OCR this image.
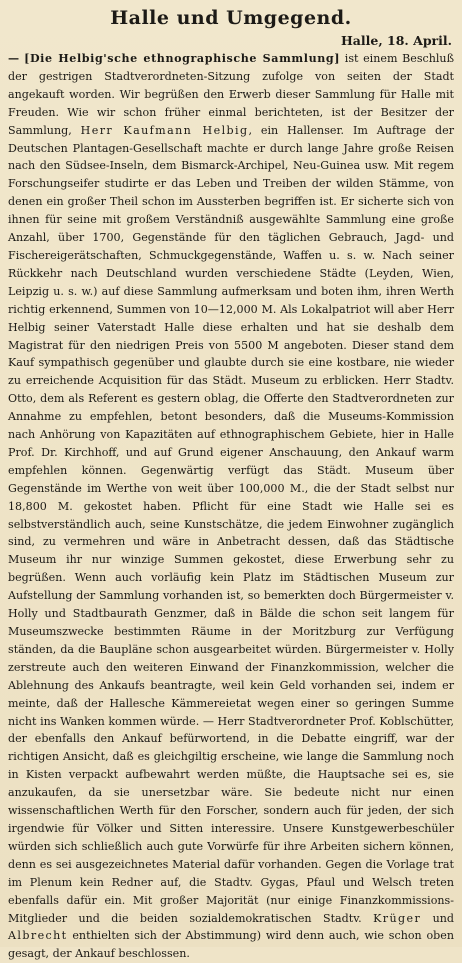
Halle und Umgegend.
Halle, 18. April.
— [Die Helbig'sche ethnographische Sammlung] ist einem Beschluß der gestrigen Stadtverordneten-Sitzung zufolge von seiten der Stadt angekauft worden. Wir begrüßen den Erwerb dieser Sammlung für Halle mit Freuden. Wie wir schon früher einmal berichteten, ist der Besitzer der Sammlung, Herr Kaufmann Helbig, ein Hallenser. Im Auftrage der Deutschen Plantagen-Gesellschaft machte er durch lange Jahre große Reisen nach den Südsee-Inseln, dem Bismarck-Archipel, Neu-Guinea usw. Mit regem Forschungseifer studirte er das Leben und Treiben der wilden Stämme, von denen ein großer Theil schon im Aussterben begriffen ist. Er sicherte sich von ihnen für seine mit großem Verständniß ausgewählte Sammlung eine große Anzahl, über 1700, Gegenstände für den täglichen Gebrauch, Jagd- und Fischereigerätschaften, Schmuckgegenstände, Waffen u. s. w. Nach seiner Rückkehr nach Deutschland wurden verschiedene Städte (Leyden, Wien, Leipzig u. s. w.) auf diese Sammlung aufmerksam und boten ihm, ihren Werth richtig erkennend, Summen von 10—12,000 M. Als Lokalpatriot will aber Herr Helbig seiner Vaterstadt Halle diese erhalten und hat sie deshalb dem Magistrat für den niedrigen Preis von 5500 M angeboten. Dieser stand dem Kauf sympathisch gegenüber und glaubte durch sie eine kostbare, nie wieder zu erreichende Acquisition für das Städt. Museum zu erblicken. Herr Stadtv. Otto, dem als Referent es gestern oblag, die Offerte den Stadtverordneten zur Annahme zu empfehlen, betont besonders, daß die Museums-Kommission nach Anhörung von Kapazitäten auf ethnographischem Gebiete, hier in Halle Prof. Dr. Kirchhoff, und auf Grund eigener Anschauung, den Ankauf warm empfehlen können. Gegenwärtig verfügt das Städt. Museum über Gegenstände im Werthe von weit über 100,000 M., die der Stadt selbst nur 18,800 M. gekostet haben. Pflicht für eine Stadt wie Halle sei es selbstverständlich auch, seine Kunstschätze, die jedem Einwohner zugänglich sind, zu vermehren und wäre in Anbetracht dessen, daß das Städtische Museum ihr nur winzige Summen gekostet, diese Erwerbung sehr zu begrüßen. Wenn auch vorläufig kein Platz im Städtischen Museum zur Aufstellung der Sammlung vorhanden ist, so bemerkten doch Bürgermeister v. Holly und Stadtbaurath Genzmer, daß in Bälde die schon seit langem für Museumszwecke bestimmten Räume in der Moritzburg zur Verfügung ständen, da die Baupläne schon ausgearbeitet würden. Bürgermeister v. Holly zerstreute auch den weiteren Einwand der Finanzkommission, welcher die Ablehnung des Ankaufs beantragte, weil kein Geld vorhanden sei, indem er meinte, daß der Hallesche Kämmereietat wegen einer so geringen Summe nicht ins Wanken kommen würde. — Herr Stadtverordneter Prof. Koblschütter, der ebenfalls den Ankauf befürwortend, in die Debatte eingriff, war der richtigen Ansicht, daß es gleichgiltig erscheine, wie lange die Sammlung noch in Kisten verpackt aufbewahrt werden müßte, die Hauptsache sei es, sie anzukaufen, da sie unersetzbar wäre. Sie bedeute nicht nur einen wissenschaftlichen Werth für den Forscher, sondern auch für jeden, der sich irgendwie für Völker und Sitten interessire. Unsere Kunstgewerbeschüler würden sich schließlich auch gute Vorwürfe für ihre Arbeiten sichern können, denn es sei ausgezeichnetes Material dafür vorhanden. Gegen die Vorlage trat im Plenum kein Redner auf, die Stadtv. Gygas, Pfaul und Welsch treten ebenfalls dafür ein. Mit großer Majorität (nur einige Finanzkommissions-Mitglieder und die beiden sozialdemokratischen Stadtv. Krüger und Albrecht enthielten sich der Abstimmung) wird denn auch, wie schon oben gesagt, der Ankauf beschlossen.
